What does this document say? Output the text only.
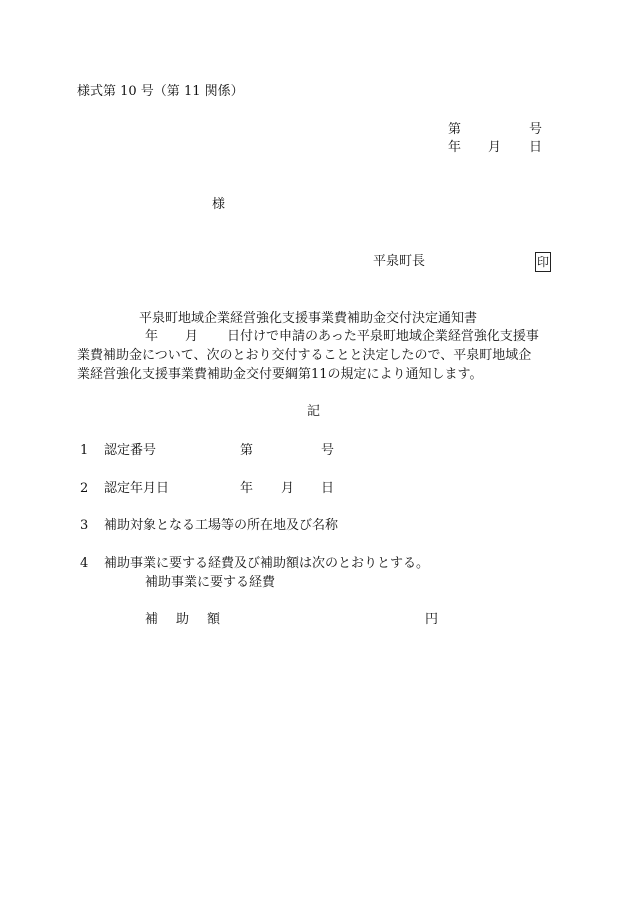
様式第 10 号（第 11 関係）
第	号
年 月 日
様
平泉町長	印
平泉町地域企業経営強化支援事業費補助金交付決定通知書
年 月 日付けで申請のあった平泉町地域企業経営強化支援事
業費補助金について、次のとおり交付することと決定したので、平泉町地域企
業経営強化支援事業費補助金交付要綱第11の規定により通知します。
記
1 認定番号	第	号
2 認定年月日	年 月 日
3 補助対象となる工場等の所在地及び名称
4 補助事業に要する経費及び補助額は次のとおりとする。
補助事業に要する経費
補 助 額	円
